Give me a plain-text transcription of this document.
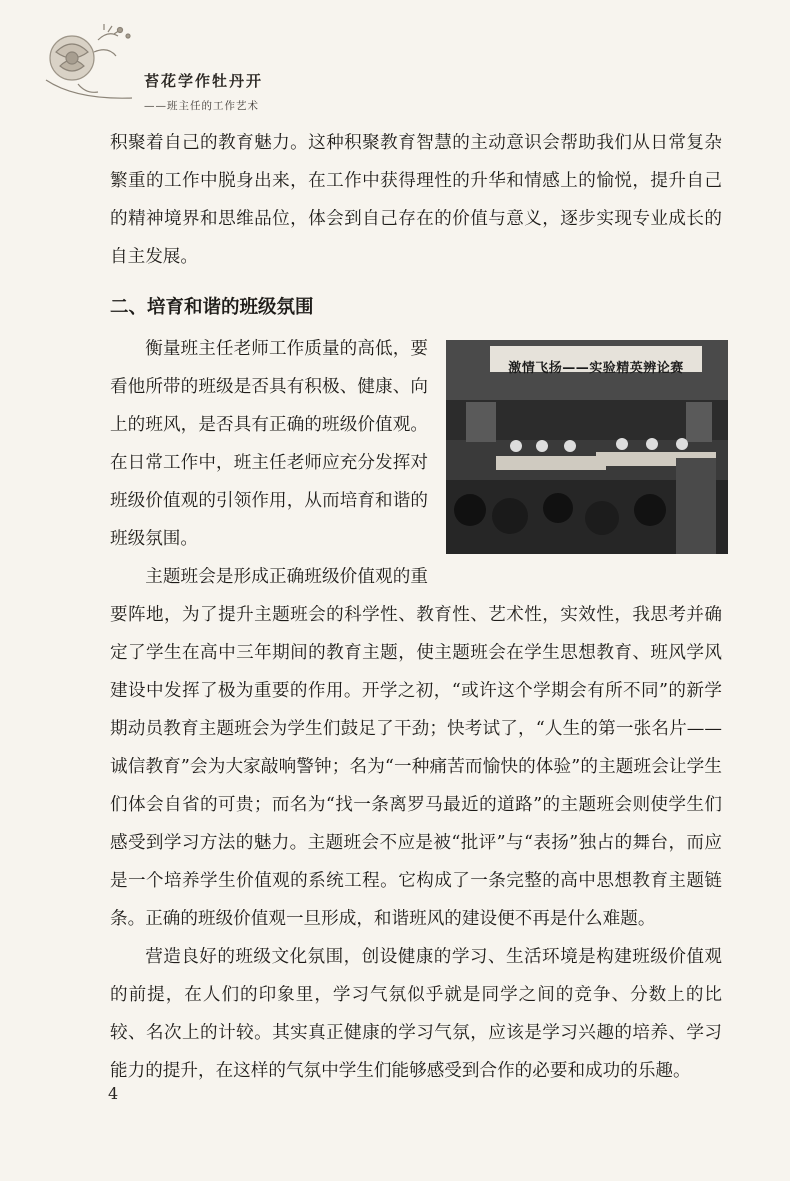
苔花学作牡丹开
——班主任的工作艺术

积聚着自己的教育魅力。这种积聚教育智慧的主动意识会帮助我们从日常复杂繁重的工作中脱身出来，在工作中获得理性的升华和情感上的愉悦，提升自己的精神境界和思维品位，体会到自己存在的价值与意义，逐步实现专业成长的自主发展。

二、培育和谐的班级氛围

激情飞扬——实验精英辨论赛

衡量班主任老师工作质量的高低，要看他所带的班级是否具有积极、健康、向上的班风，是否具有正确的班级价值观。在日常工作中，班主任老师应充分发挥对班级价值观的引领作用，从而培育和谐的班级氛围。

主题班会是形成正确班级价值观的重要阵地，为了提升主题班会的科学性、教育性、艺术性，实效性，我思考并确定了学生在高中三年期间的教育主题，使主题班会在学生思想教育、班风学风建设中发挥了极为重要的作用。开学之初，“或许这个学期会有所不同”的新学期动员教育主题班会为学生们鼓足了干劲；快考试了，“人生的第一张名片——诚信教育”会为大家敲响警钟；名为“一种痛苦而愉快的体验”的主题班会让学生们体会自省的可贵；而名为“找一条离罗马最近的道路”的主题班会则使学生们感受到学习方法的魅力。主题班会不应是被“批评”与“表扬”独占的舞台，而应是一个培养学生价值观的系统工程。它构成了一条完整的高中思想教育主题链条。正确的班级价值观一旦形成，和谐班风的建设便不再是什么难题。

营造良好的班级文化氛围，创设健康的学习、生活环境是构建班级价值观的前提，在人们的印象里，学习气氛似乎就是同学之间的竞争、分数上的比较、名次上的计较。其实真正健康的学习气氛，应该是学习兴趣的培养、学习能力的提升，在这样的气氛中学生们能够感受到合作的必要和成功的乐趣。

4
